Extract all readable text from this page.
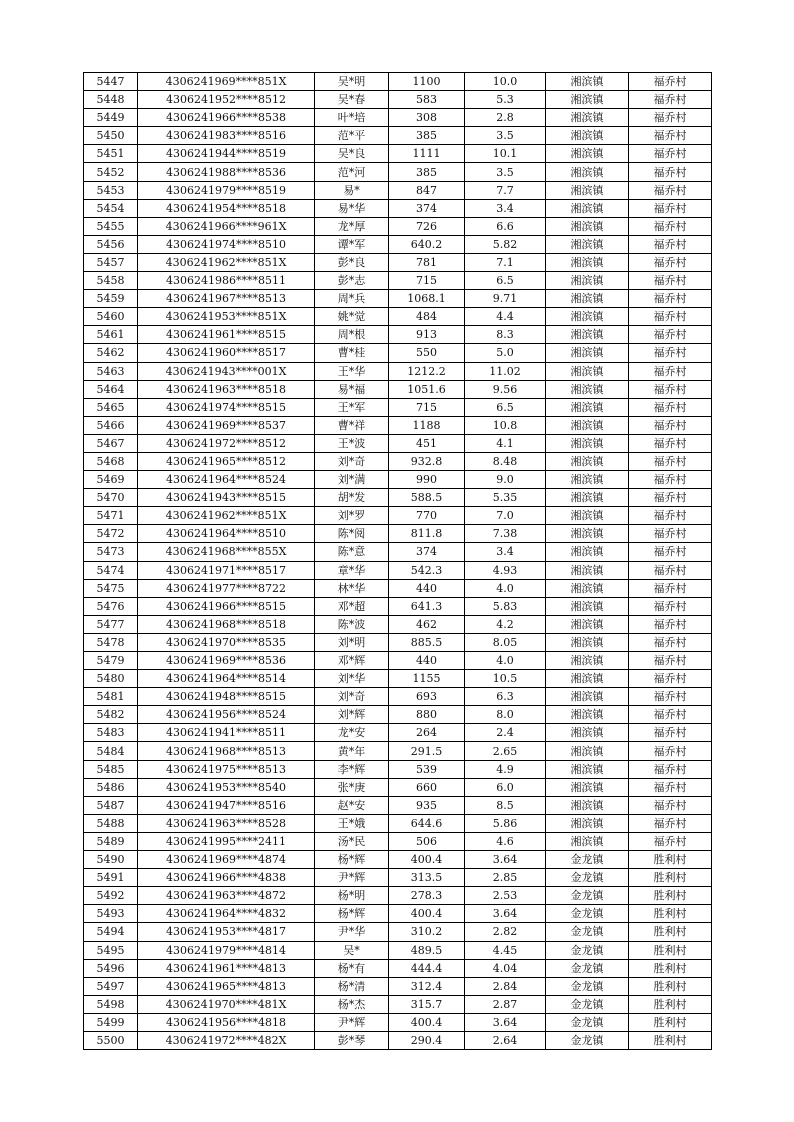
5447	4306241969****851X	吴*明	1100	10.0	湘滨镇	福乔村
5448	4306241952****8512	吴*春	583	5.3	湘滨镇	福乔村
5449	4306241966****8538	叶*培	308	2.8	湘滨镇	福乔村
5450	4306241983****8516	范*平	385	3.5	湘滨镇	福乔村
5451	4306241944****8519	吴*良	1111	10.1	湘滨镇	福乔村
5452	4306241988****8536	范*河	385	3.5	湘滨镇	福乔村
5453	4306241979****8519	易*	847	7.7	湘滨镇	福乔村
5454	4306241954****8518	易*华	374	3.4	湘滨镇	福乔村
5455	4306241966****961X	龙*厚	726	6.6	湘滨镇	福乔村
5456	4306241974****8510	谭*军	640.2	5.82	湘滨镇	福乔村
5457	4306241962****851X	彭*良	781	7.1	湘滨镇	福乔村
5458	4306241986****8511	彭*志	715	6.5	湘滨镇	福乔村
5459	4306241967****8513	周*兵	1068.1	9.71	湘滨镇	福乔村
5460	4306241953****851X	姚*觉	484	4.4	湘滨镇	福乔村
5461	4306241961****8515	周*根	913	8.3	湘滨镇	福乔村
5462	4306241960****8517	曹*桂	550	5.0	湘滨镇	福乔村
5463	4306241943****001X	王*华	1212.2	11.02	湘滨镇	福乔村
5464	4306241963****8518	易*福	1051.6	9.56	湘滨镇	福乔村
5465	4306241974****8515	王*军	715	6.5	湘滨镇	福乔村
5466	4306241969****8537	曹*祥	1188	10.8	湘滨镇	福乔村
5467	4306241972****8512	王*波	451	4.1	湘滨镇	福乔村
5468	4306241965****8512	刘*奇	932.8	8.48	湘滨镇	福乔村
5469	4306241964****8524	刘*满	990	9.0	湘滨镇	福乔村
5470	4306241943****8515	胡*发	588.5	5.35	湘滨镇	福乔村
5471	4306241962****851X	刘*罗	770	7.0	湘滨镇	福乔村
5472	4306241964****8510	陈*阅	811.8	7.38	湘滨镇	福乔村
5473	4306241968****855X	陈*意	374	3.4	湘滨镇	福乔村
5474	4306241971****8517	章*华	542.3	4.93	湘滨镇	福乔村
5475	4306241977****8722	林*华	440	4.0	湘滨镇	福乔村
5476	4306241966****8515	邓*超	641.3	5.83	湘滨镇	福乔村
5477	4306241968****8518	陈*波	462	4.2	湘滨镇	福乔村
5478	4306241970****8535	刘*明	885.5	8.05	湘滨镇	福乔村
5479	4306241969****8536	邓*辉	440	4.0	湘滨镇	福乔村
5480	4306241964****8514	刘*华	1155	10.5	湘滨镇	福乔村
5481	4306241948****8515	刘*奇	693	6.3	湘滨镇	福乔村
5482	4306241956****8524	刘*辉	880	8.0	湘滨镇	福乔村
5483	4306241941****8511	龙*安	264	2.4	湘滨镇	福乔村
5484	4306241968****8513	黄*年	291.5	2.65	湘滨镇	福乔村
5485	4306241975****8513	李*辉	539	4.9	湘滨镇	福乔村
5486	4306241953****8540	张*庚	660	6.0	湘滨镇	福乔村
5487	4306241947****8516	赵*安	935	8.5	湘滨镇	福乔村
5488	4306241963****8528	王*娥	644.6	5.86	湘滨镇	福乔村
5489	4306241995****2411	汤*民	506	4.6	湘滨镇	福乔村
5490	4306241969****4874	杨*辉	400.4	3.64	金龙镇	胜利村
5491	4306241966****4838	尹*辉	313.5	2.85	金龙镇	胜利村
5492	4306241963****4872	杨*明	278.3	2.53	金龙镇	胜利村
5493	4306241964****4832	杨*辉	400.4	3.64	金龙镇	胜利村
5494	4306241953****4817	尹*华	310.2	2.82	金龙镇	胜利村
5495	4306241979****4814	吴*	489.5	4.45	金龙镇	胜利村
5496	4306241961****4813	杨*有	444.4	4.04	金龙镇	胜利村
5497	4306241965****4813	杨*清	312.4	2.84	金龙镇	胜利村
5498	4306241970****481X	杨*杰	315.7	2.87	金龙镇	胜利村
5499	4306241956****4818	尹*辉	400.4	3.64	金龙镇	胜利村
5500	4306241972****482X	彭*琴	290.4	2.64	金龙镇	胜利村
